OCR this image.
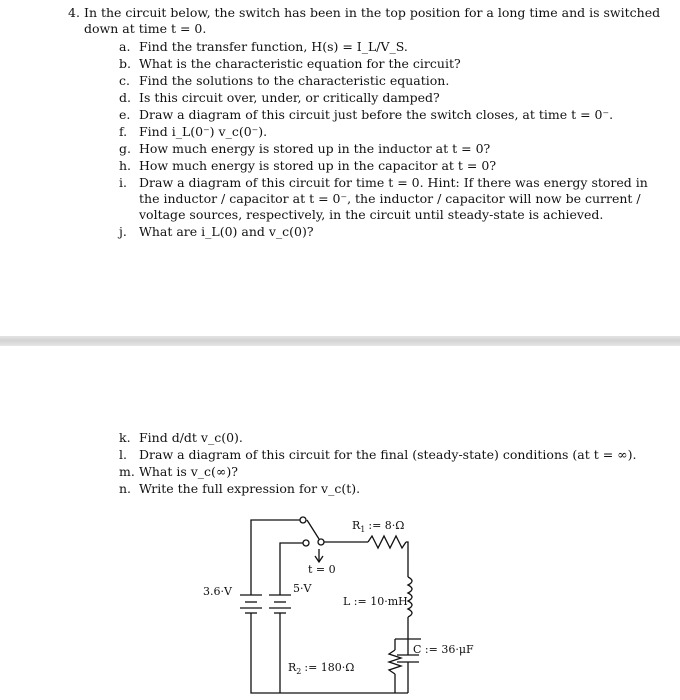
4. In the circuit below, the switch has been in the top position for a long time and is switched down at time t = 0.
a. Find the transfer function, H(s) = I_L/V_S.
b. What is the characteristic equation for the circuit?
c. Find the solutions to the characteristic equation.
d. Is this circuit over, under, or critically damped?
e. Draw a diagram of this circuit just before the switch closes, at time t = 0⁻.
f. Find i_L(0⁻) v_c(0⁻).
g. How much energy is stored up in the inductor at t = 0?
h. How much energy is stored up in the capacitor at t = 0?
i. Draw a diagram of this circuit for time t = 0. Hint: If there was energy stored in the inductor / capacitor at t = 0⁻, the inductor / capacitor will now be current / voltage sources, respectively, in the circuit until steady-state is achieved.
j. What are i_L(0) and v_c(0)?
k. Find d/dt v_c(0).
l. Draw a diagram of this circuit for the final (steady-state) conditions (at t = ∞).
m. What is v_c(∞)?
n. Write the full expression for v_c(t).
3.6·V	5·V
t = 0
$R_1$ := 8·Ω
L := 10·mH
C := 36·μF
$R_2$ := 180·Ω
